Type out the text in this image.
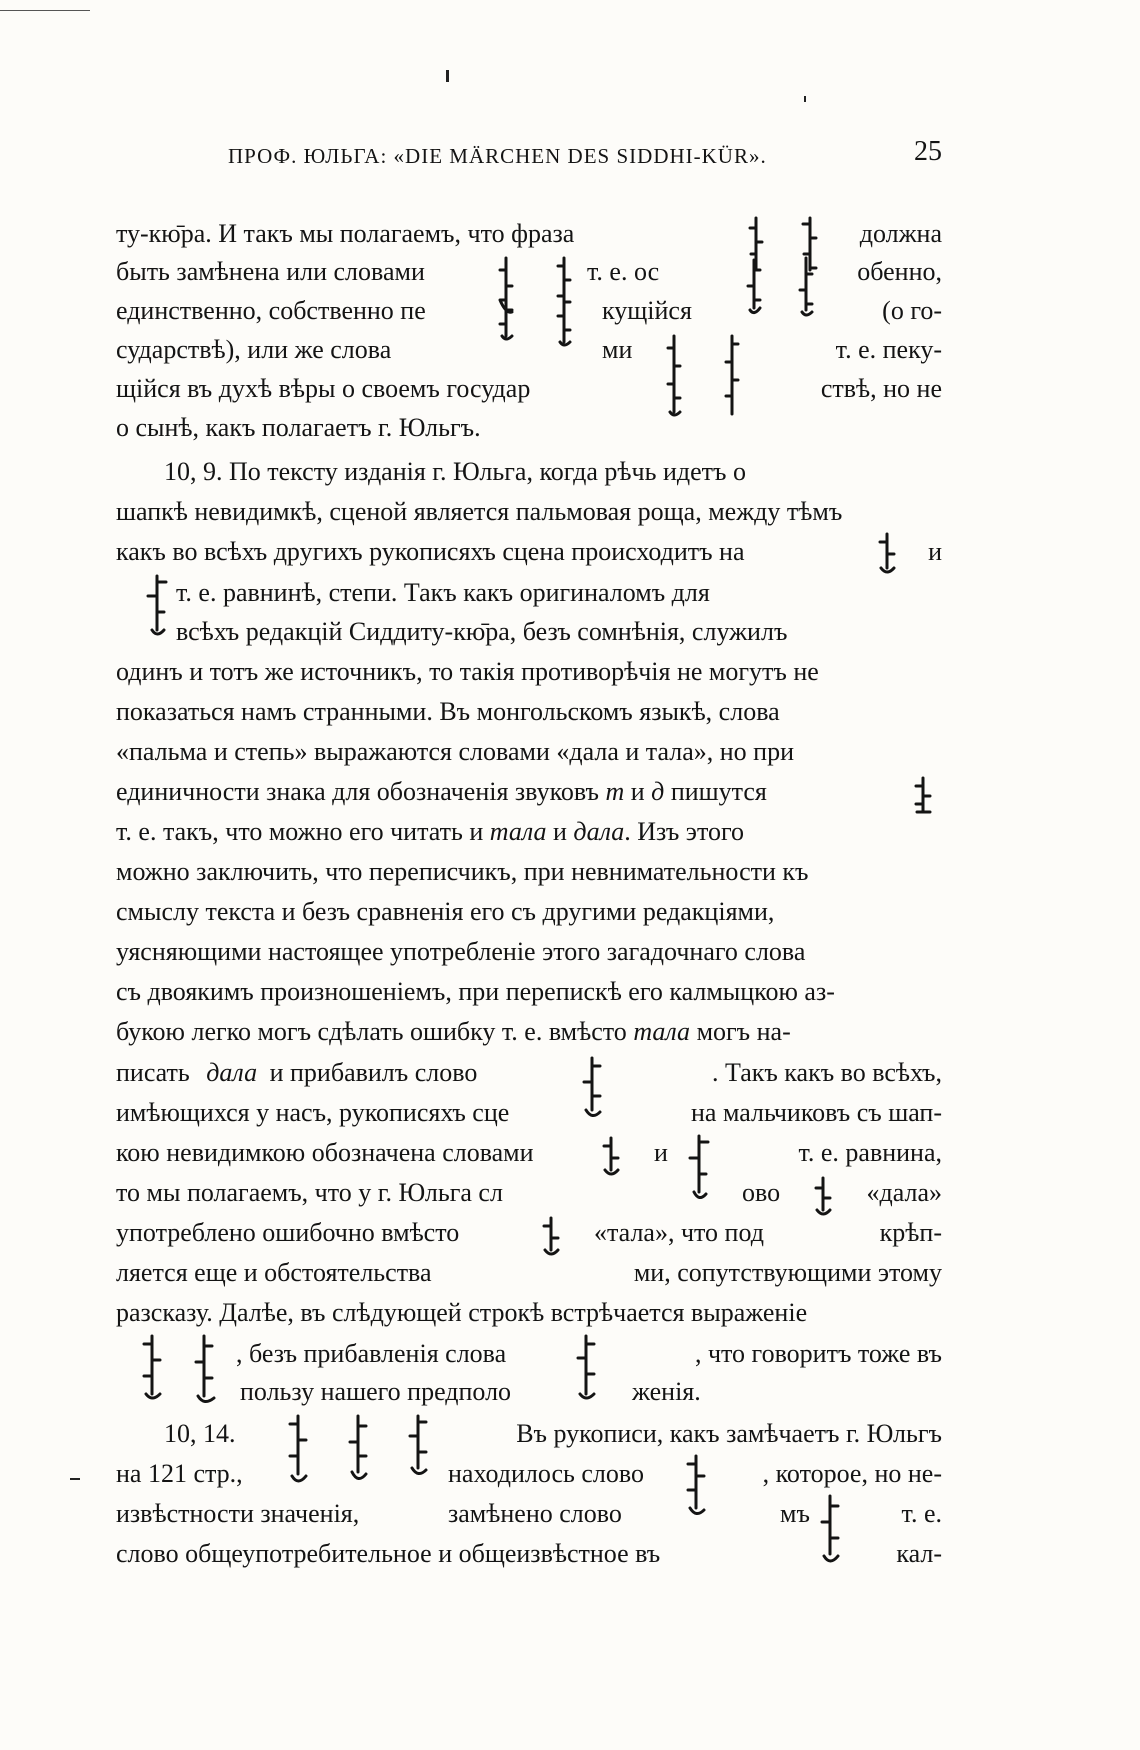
ПРОФ. ЮЛЬГА: «DIE MÄRCHEN DES SIDDHI-KÜR».	25
ту-кю̄ра. И такъ мы полагаемъ, что фраза	должна
быть замѣнена или словами	т. е. ос	обенно,
единственно, собственно пе	кущійся	(о го-
сударствѣ), или же слова	ми	т. е. пеку-
щійся въ духѣ вѣры о своемъ государ	ствѣ, но не
о сынѣ, какъ полагаетъ г. Юльгъ.
10, 9. По тексту изданія г. Юльга, когда рѣчь идетъ о
шапкѣ невидимкѣ, сценой является пальмовая роща, между тѣмъ
какъ во всѣхъ другихъ рукописяхъ сцена происходитъ на	и
т. е. равнинѣ, степи. Такъ какъ оригиналомъ для
всѣхъ редакцій Сиддиту-кю̄ра, безъ сомнѣнія, служилъ
одинъ и тотъ же источникъ, то такія противорѣчія не могутъ не
показаться намъ странными. Въ монгольскомъ языкѣ, слова
«пальма и степь» выражаются словами «дала и тала», но при
единичности знака для обозначенія звуковъ т и д пишутся
т. е. такъ, что можно его читать и тала и дала. Изъ этого
можно заключить, что переписчикъ, при невнимательности къ
смыслу текста и безъ сравненія его съ другими редакціями,
уясняющими настоящее употребленіе этого загадочнаго слова
съ двоякимъ произношеніемъ, при перепискѣ его калмыцкою аз-
букою легко могъ сдѣлать ошибку т. е. вмѣсто тала могъ на-
писать дала и прибавилъ слово	. Такъ какъ во всѣхъ,
имѣющихся у насъ, рукописяхъ сце	на мальчиковъ съ шап-
кою невидимкою обозначена словами	и	т. е. равнина,
то мы полагаемъ, что у г. Юльга сл	ово	«дала»
употреблено ошибочно вмѣсто	«тала», что под	крѣп-
ляется еще и обстоятельства	ми, сопутствующими этому
разсказу. Далѣе, въ слѣдующей строкѣ встрѣчается выраженіе
, безъ прибавленія слова	, что говоритъ тоже въ
пользу нашего предполо	женія.
10, 14.	Въ рукописи, какъ замѣчаетъ г. Юльгъ
на 121 стр.,	находилось слово	, которое, но не-
извѣстности значенія,	замѣнено слово	мъ	т. е.
слово общеупотребительное и общеизвѣстное въ	кал-
